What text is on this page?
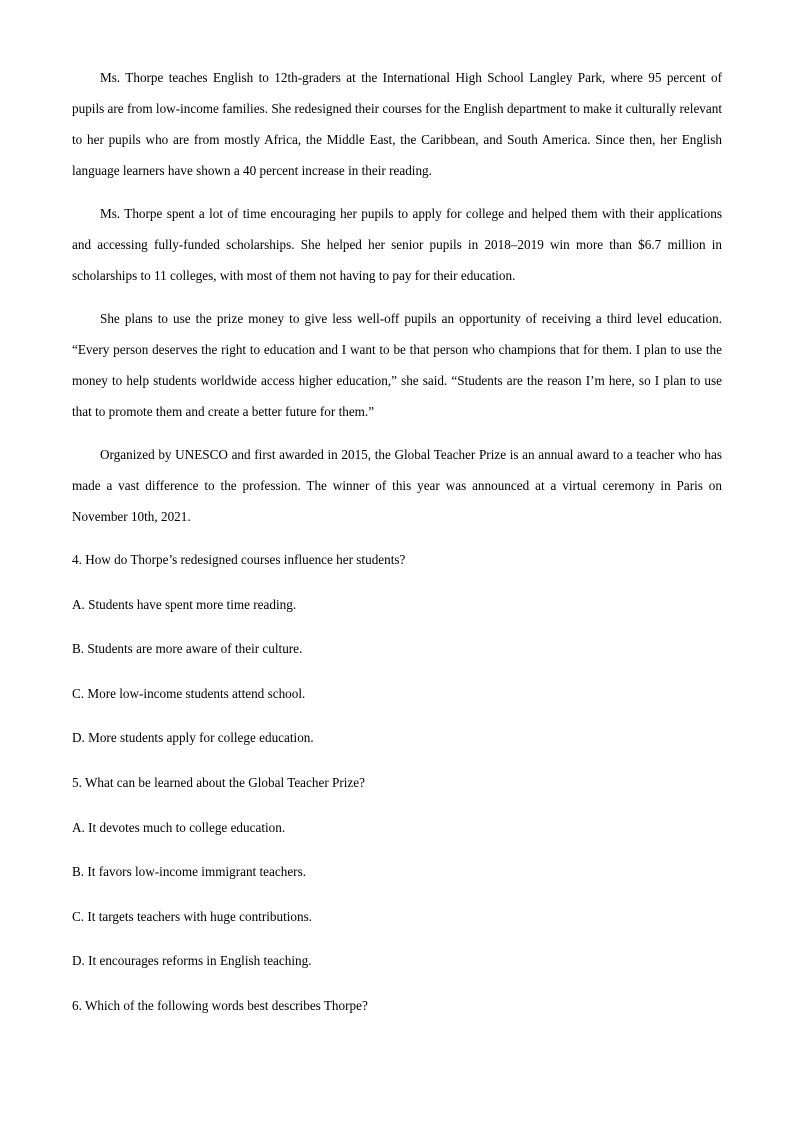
Ms. Thorpe teaches English to 12th-graders at the International High School Langley Park, where 95 percent of pupils are from low-income families. She redesigned their courses for the English department to make it culturally relevant to her pupils who are from mostly Africa, the Middle East, the Caribbean, and South America. Since then, her English language learners have shown a 40 percent increase in their reading.

Ms. Thorpe spent a lot of time encouraging her pupils to apply for college and helped them with their applications and accessing fully-funded scholarships. She helped her senior pupils in 2018–2019 win more than $6.7 million in scholarships to 11 colleges, with most of them not having to pay for their education.

She plans to use the prize money to give less well-off pupils an opportunity of receiving a third level education. “Every person deserves the right to education and I want to be that person who champions that for them. I plan to use the money to help students worldwide access higher education,” she said. “Students are the reason I’m here, so I plan to use that to promote them and create a better future for them.”

Organized by UNESCO and first awarded in 2015, the Global Teacher Prize is an annual award to a teacher who has made a vast difference to the profession. The winner of this year was announced at a virtual ceremony in Paris on November 10th, 2021.

4. How do Thorpe’s redesigned courses influence her students?
A. Students have spent more time reading.
B. Students are more aware of their culture.
C. More low-income students attend school.
D. More students apply for college education.
5. What can be learned about the Global Teacher Prize?
A. It devotes much to college education.
B. It favors low-income immigrant teachers.
C. It targets teachers with huge contributions.
D. It encourages reforms in English teaching.
6. Which of the following words best describes Thorpe?
